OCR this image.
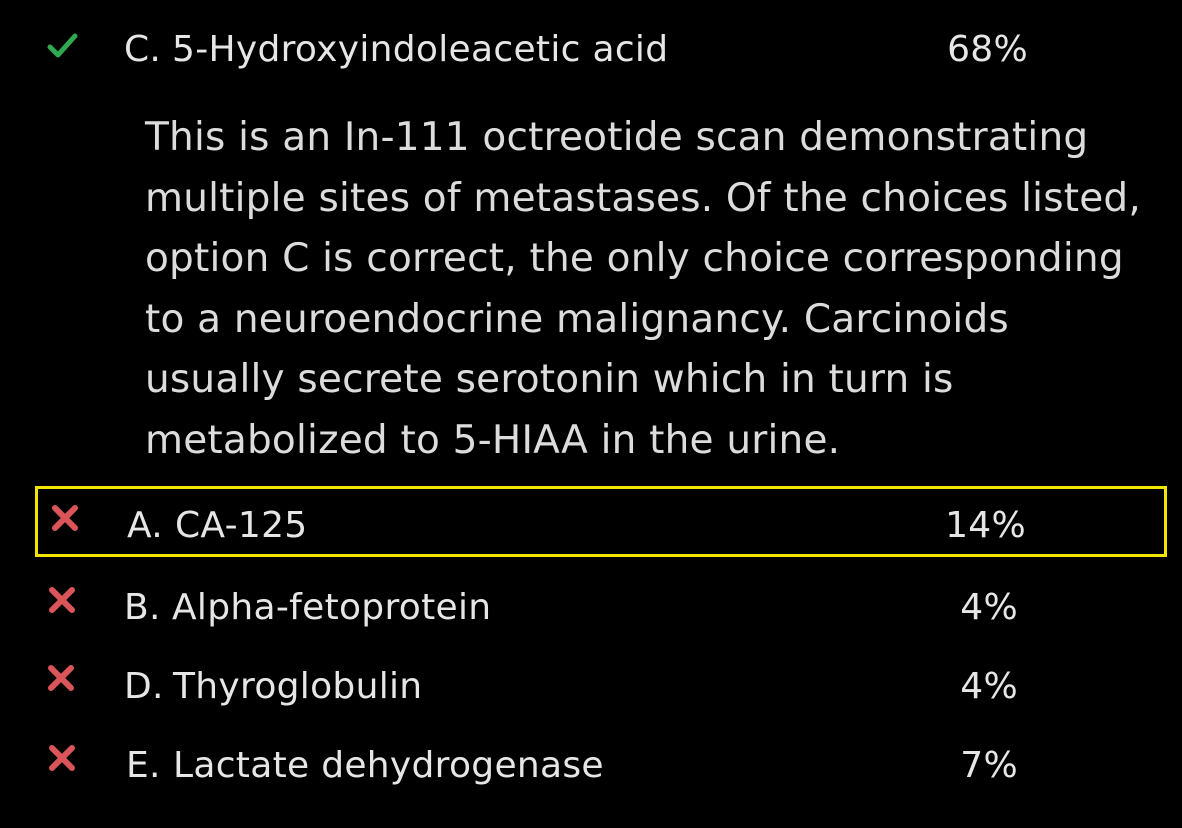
C. 5-Hydroxyindoleacetic acid	68%
This is an In-111 octreotide scan demonstrating multiple sites of metastases. Of the choices listed, option C is correct, the only choice corresponding to a neuroendocrine malignancy. Carcinoids usually secrete serotonin which in turn is metabolized to 5-HIAA in the urine.
A. CA-125	14%
B. Alpha-fetoprotein	4%
D. Thyroglobulin	4%
E. Lactate dehydrogenase	7%
